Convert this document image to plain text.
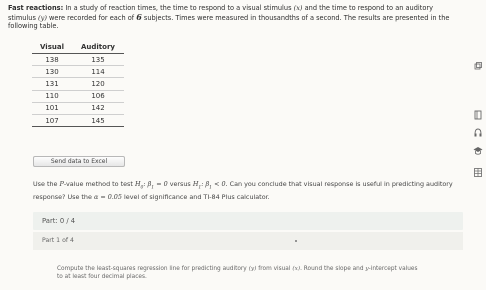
Fast reactions: In a study of reaction times, the time to respond to a visual stimulus (x) and the time to respond to an auditory
stimulus (y) were recorded for each of 6 subjects. Times were measured in thousandths of a second. The results are presented in the
following table.
Visual	Auditory
138	135
130	114
131	120
110	106
101	142
107	145
Send data to Excel
Use the P-value method to test $H_0$: $\beta_1 = 0$ versus $H_1$: $\beta_1 < 0$. Can you conclude that visual response is useful in predicting auditory
response? Use the α = 0.05 level of significance and TI-84 Plus calculator.
Part: 0 / 4
Part 1 of 4
Compute the least-squares regression line for predicting auditory (y) from visual (x). Round the slope and y-intercept values
to at least four decimal places.
